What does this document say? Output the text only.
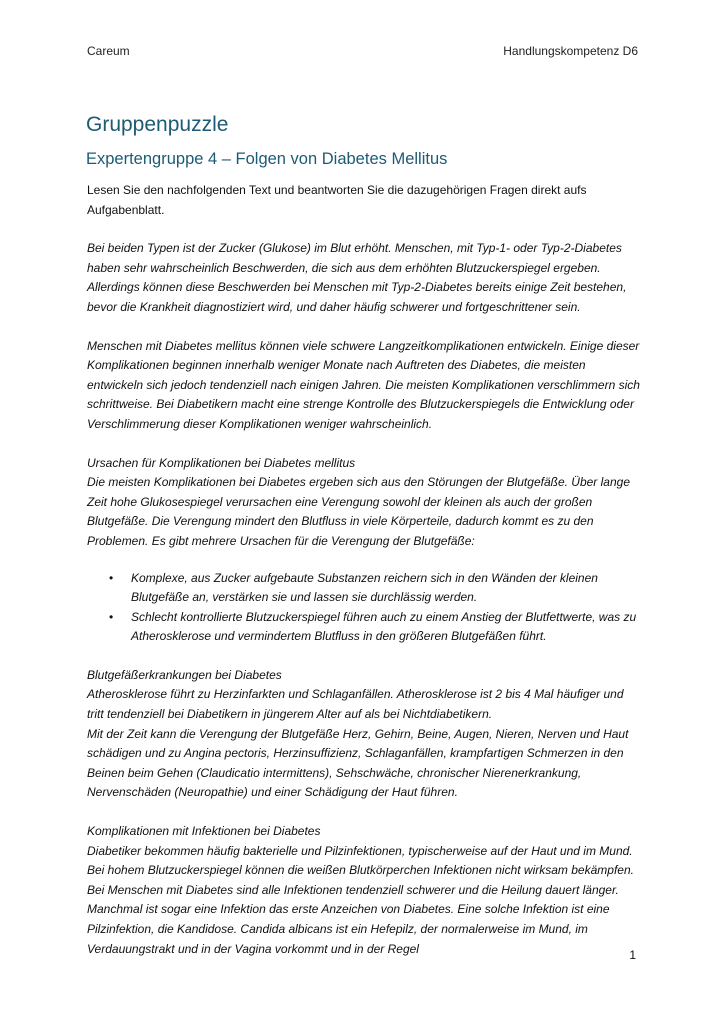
Careum	Handlungskompetenz D6
Gruppenpuzzle
Expertengruppe 4 – Folgen von Diabetes Mellitus

Lesen Sie den nachfolgenden Text und beantworten Sie die dazugehörigen Fragen direkt aufs Aufgabenblatt.

Bei beiden Typen ist der Zucker (Glukose) im Blut erhöht. Menschen, mit Typ-1- oder Typ-2-Diabetes haben sehr wahrscheinlich Beschwerden, die sich aus dem erhöhten Blutzuckerspiegel ergeben. Allerdings können diese Beschwerden bei Menschen mit Typ-2-Diabetes bereits einige Zeit bestehen, bevor die Krankheit diagnostiziert wird, und daher häufig schwerer und fortgeschrittener sein.

Menschen mit Diabetes mellitus können viele schwere Langzeitkomplikationen entwickeln. Einige dieser Komplikationen beginnen innerhalb weniger Monate nach Auftreten des Diabetes, die meisten entwickeln sich jedoch tendenziell nach einigen Jahren. Die meisten Komplikationen verschlimmern sich schrittweise. Bei Diabetikern macht eine strenge Kontrolle des Blutzuckerspiegels die Entwicklung oder Verschlimmerung dieser Komplikationen weniger wahrscheinlich.

Ursachen für Komplikationen bei Diabetes mellitus

Die meisten Komplikationen bei Diabetes ergeben sich aus den Störungen der Blutgefäße. Über lange Zeit hohe Glukosespiegel verursachen eine Verengung sowohl der kleinen als auch der großen Blutgefäße. Die Verengung mindert den Blutfluss in viele Körperteile, dadurch kommt es zu den Problemen. Es gibt mehrere Ursachen für die Verengung der Blutgefäße:

• Komplexe, aus Zucker aufgebaute Substanzen reichern sich in den Wänden der kleinen Blutgefäße an, verstärken sie und lassen sie durchlässig werden.
• Schlecht kontrollierte Blutzuckerspiegel führen auch zu einem Anstieg der Blutfettwerte, was zu Atherosklerose und vermindertem Blutfluss in den größeren Blutgefäßen führt.

Blutgefäßerkrankungen bei Diabetes

Atherosklerose führt zu Herzinfarkten und Schlaganfällen. Atherosklerose ist 2 bis 4 Mal häufiger und tritt tendenziell bei Diabetikern in jüngerem Alter auf als bei Nichtdiabetikern.

Mit der Zeit kann die Verengung der Blutgefäße Herz, Gehirn, Beine, Augen, Nieren, Nerven und Haut schädigen und zu Angina pectoris, Herzinsuffizienz, Schlaganfällen, krampfartigen Schmerzen in den Beinen beim Gehen (Claudicatio intermittens), Sehschwäche, chronischer Nierenerkrankung, Nervenschäden (Neuropathie) und einer Schädigung der Haut führen.

Komplikationen mit Infektionen bei Diabetes

Diabetiker bekommen häufig bakterielle und Pilzinfektionen, typischerweise auf der Haut und im Mund. Bei hohem Blutzuckerspiegel können die weißen Blutkörperchen Infektionen nicht wirksam bekämpfen. Bei Menschen mit Diabetes sind alle Infektionen tendenziell schwerer und die Heilung dauert länger. Manchmal ist sogar eine Infektion das erste Anzeichen von Diabetes. Eine solche Infektion ist eine Pilzinfektion, die Kandidose. Candida albicans ist ein Hefepilz, der normalerweise im Mund, im Verdauungstrakt und in der Vagina vorkommt und in der Regel	1
